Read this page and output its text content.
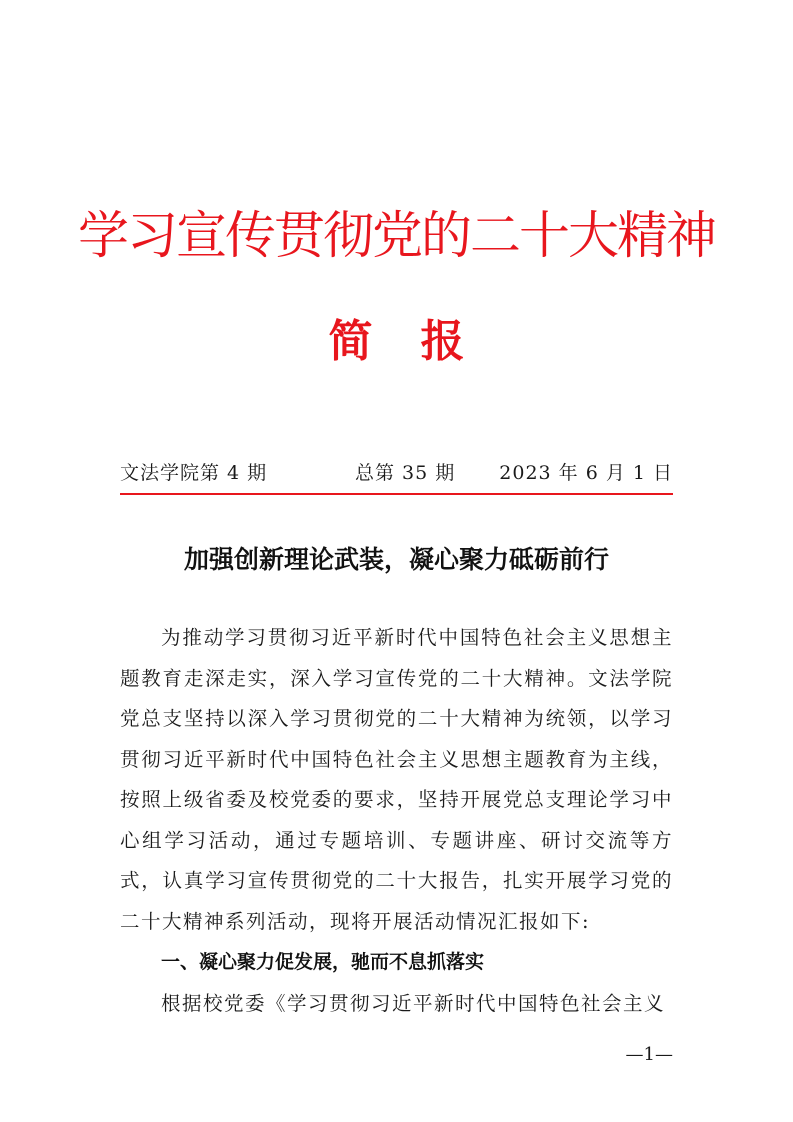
学习宣传贯彻党的二十大精神
简报
文法学院第 4 期	总第 35 期 2023 年 6 月 1 日
加强创新理论武装，凝心聚力砥砺前行

为推动学习贯彻习近平新时代中国特色社会主义思想主题教育走深走实，深入学习宣传党的二十大精神。文法学院党总支坚持以深入学习贯彻党的二十大精神为统领，以学习贯彻习近平新时代中国特色社会主义思想主题教育为主线，按照上级省委及校党委的要求，坚持开展党总支理论学习中心组学习活动，通过专题培训、专题讲座、研讨交流等方式，认真学习宣传贯彻党的二十大报告，扎实开展学习党的二十大精神系列活动，现将开展活动情况汇报如下:

一、凝心聚力促发展，驰而不息抓落实

根据校党委《学习贯彻习近平新时代中国特色社会主义

—1—
